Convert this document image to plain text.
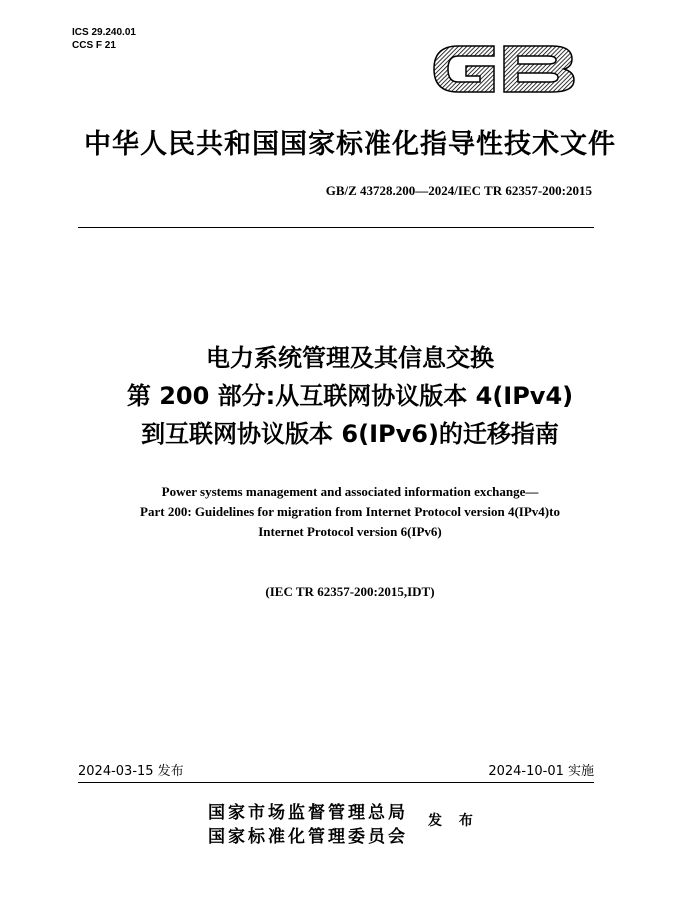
ICS 29.240.01
CCS F 21
中华人民共和国国家标准化指导性技术文件
GB/Z 43728.200—2024/IEC TR 62357-200:2015
电力系统管理及其信息交换
第 200 部分:从互联网协议版本 4(IPv4)
到互联网协议版本 6(IPv6)的迁移指南
Power systems management and associated information exchange—
Part 200: Guidelines for migration from Internet Protocol version 4(IPv4)to
Internet Protocol version 6(IPv6)
(IEC TR 62357-200:2015,IDT)
2024-03-15 发布	2024-10-01 实施
国家市场监督管理总局
国家标准化管理委员会
发 布
